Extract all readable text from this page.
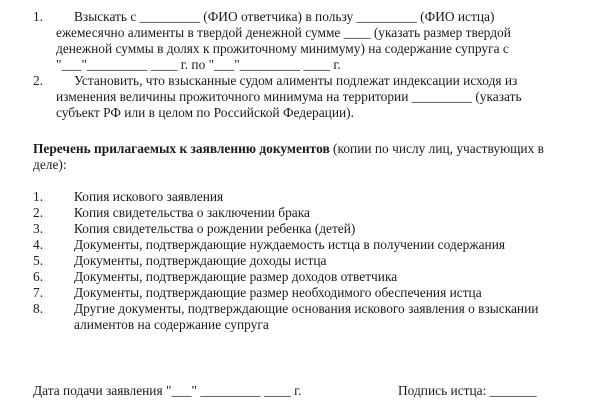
1. Взыскать с _________ (ФИО ответчика) в пользу _________ (ФИО истца)
ежемесячно алименты в твердой денежной сумме ____ (указать размер твердой
денежной суммы в долях к прожиточному минимуму) на содержание супруга с
"___"_________ ____ г. по "___"_________ ____ г.
2. Установить, что взысканные судом алименты подлежат индексации исходя из
изменения величины прожиточного минимума на территории _________ (указать
субъект РФ или в целом по Российской Федерации).
Перечень прилагаемых к заявлению документов (копии по числу лиц, участвующих в
деле):
1. Копия искового заявления
2. Копия свидетельства о заключении брака
3. Копия свидетельства о рождении ребенка (детей)
4. Документы, подтверждающие нуждаемость истца в получении содержания
5. Документы, подтверждающие доходы истца
6. Документы, подтверждающие размер доходов ответчика
7. Документы, подтверждающие размер необходимого обеспечения истца
8. Другие документы, подтверждающие основания искового заявления о взыскании
алиментов на содержание супруга
Дата подачи заявления "___" _________ ____ г.	Подпись истца: _______
